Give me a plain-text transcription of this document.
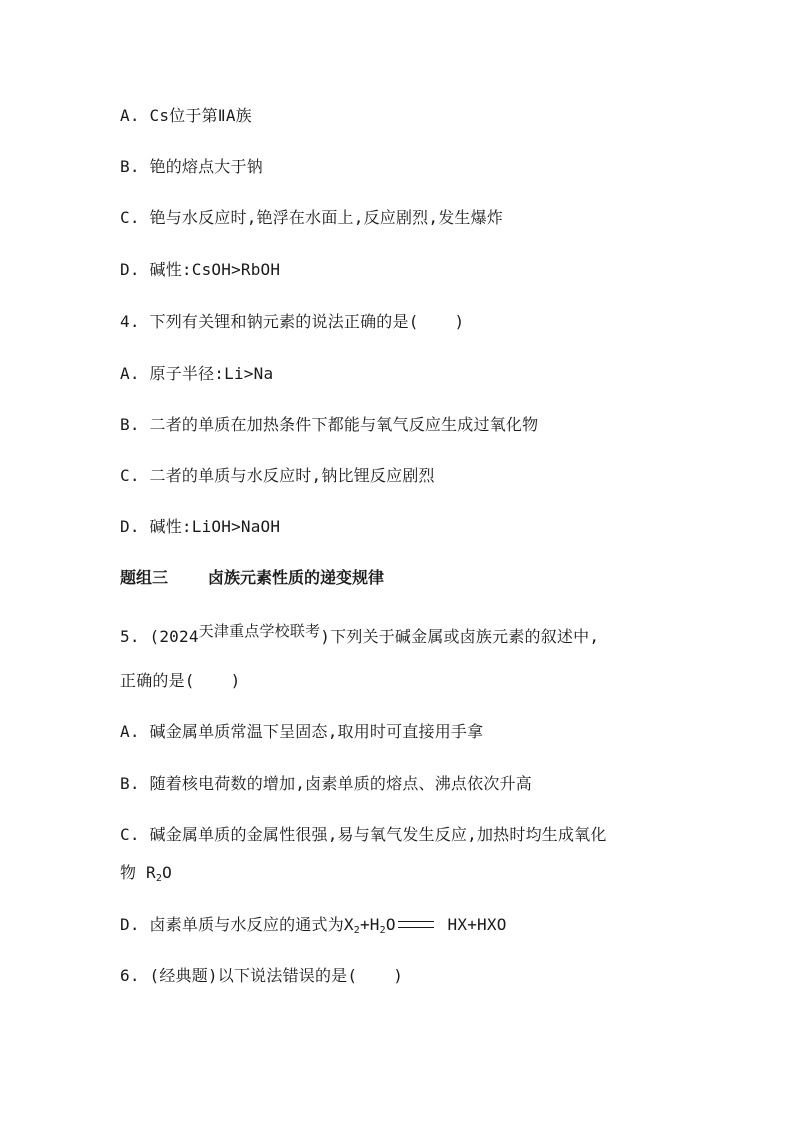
A. Cs位于第ⅡA族
B. 铯的熔点大于钠
C. 铯与水反应时,铯浮在水面上,反应剧烈,发生爆炸
D. 碱性:CsOH>RbOH
4. 下列有关锂和钠元素的说法正确的是( )
A. 原子半径:Li>Na
B. 二者的单质在加热条件下都能与氧气反应生成过氧化物
C. 二者的单质与水反应时,钠比锂反应剧烈
D. 碱性:LiOH>NaOH
题组三	卤族元素性质的递变规律
5. (2024天津重点学校联考)下列关于碱金属或卤族元素的叙述中,
正确的是( )
A. 碱金属单质常温下呈固态,取用时可直接用手拿
B. 随着核电荷数的增加,卤素单质的熔点、沸点依次升高
C. 碱金属单质的金属性很强,易与氧气发生反应,加热时均生成氧化
物 $R_2O$
D. 卤素单质与水反应的通式为$X_2+H_2O$	HX+HXO
6. (经典题)以下说法错误的是( )
